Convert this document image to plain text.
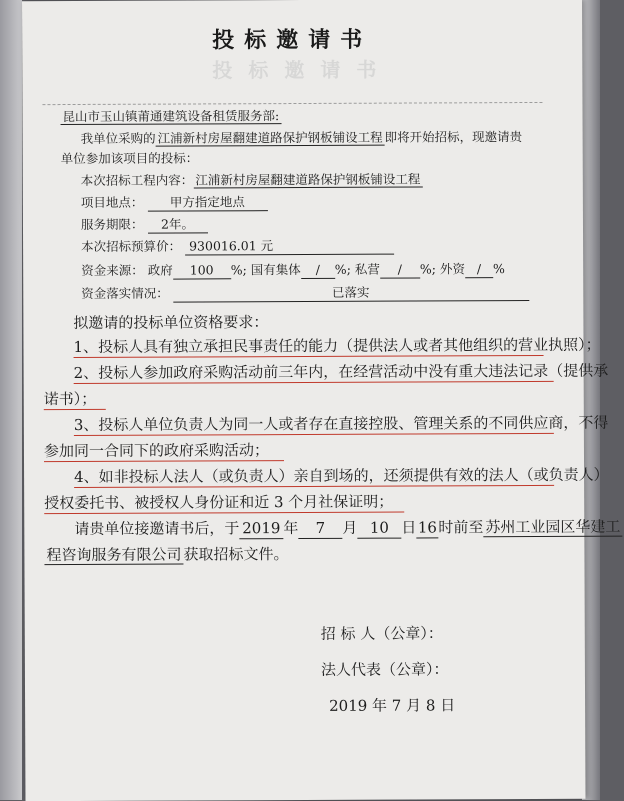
投标邀请书
投标邀请书
昆山市玉山镇莆通建筑设备租赁服务部:
我单位采购的 江浦新村房屋翻建道路保护钢板铺设工程 即将开始招标，现邀请贵
单位参加该项目的投标：
本次招标工程内容： 江浦新村房屋翻建道路保护钢板铺设工程
项目地点： 甲方指定地点
服务期限： 2年。
本次招标预算价： 930016.01 元
资金来源： 政府 100 %; 国有集体 / %; 私营 / %; 外资 / %
资金落实情况：	已落实
拟邀请的投标单位资格要求：
1、投标人具有独立承担民事责任的能力（提供法人或者其他组织的营业执照）；
2、投标人参加政府采购活动前三年内，在经营活动中没有重大违法记录（提供承
诺书）；
3、投标人单位负责人为同一人或者存在直接控股、管理关系的不同供应商，不得
参加同一合同下的政府采购活动；
4、如非投标人法人（或负责人）亲自到场的，还须提供有效的法人（或负责人）
授权委托书、被授权人身份证和近 3 个月社保证明；
请贵单位接邀请书后，于 2019 年 7 月 10 日16时前至 苏州工业园区华建工
程咨询服务有限公司 获取招标文件。
招 标 人（公章）：
法人代表（公章）：
2019 年 7 月 8 日
